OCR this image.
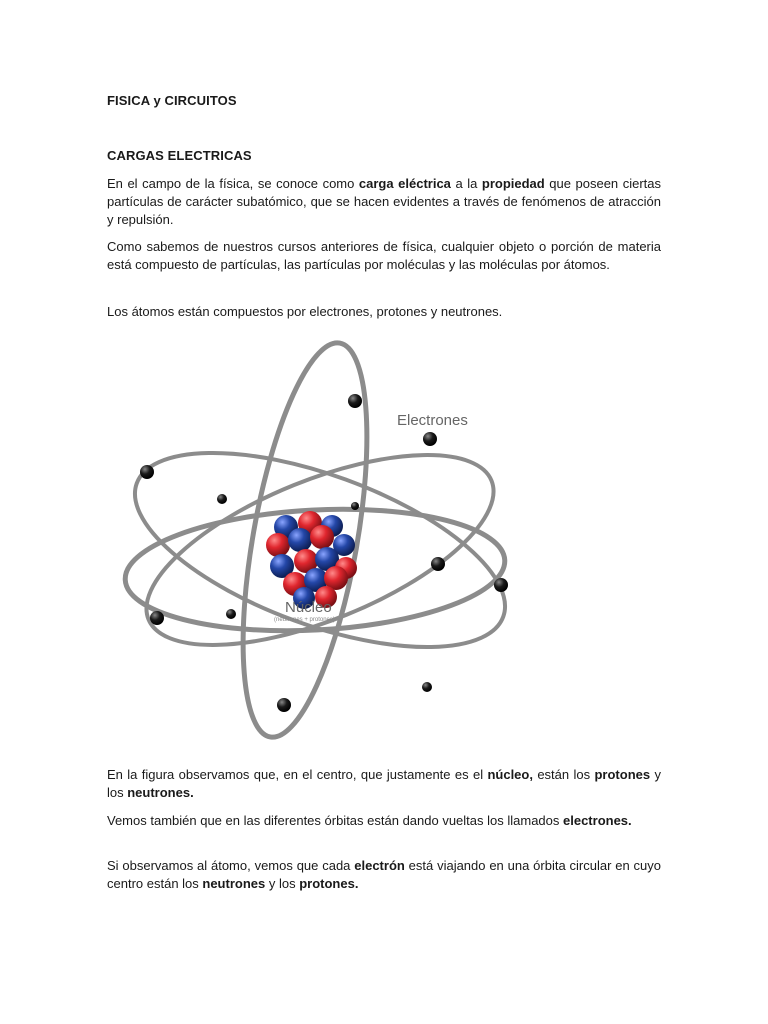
FISICA y CIRCUITOS
CARGAS ELECTRICAS

En el campo de la física, se conoce como carga eléctrica a la propiedad que poseen ciertas partículas de carácter subatómico, que se hacen evidentes a través de fenómenos de atracción y repulsión.

Como sabemos de nuestros cursos anteriores de física, cualquier objeto o porción de materia está compuesto de partículas, las partículas por moléculas y las moléculas por átomos.

Los átomos están compuestos por electrones, protones y neutrones.

Electrones
Núcleo
(neutrones + protones)

En la figura observamos que, en el centro, que justamente es el núcleo, están los protones y los neutrones.

Vemos también que en las diferentes órbitas están dando vueltas los llamados electrones.

Si observamos al átomo, vemos que cada electrón está viajando en una órbita circular en cuyo centro están los neutrones y los protones.
